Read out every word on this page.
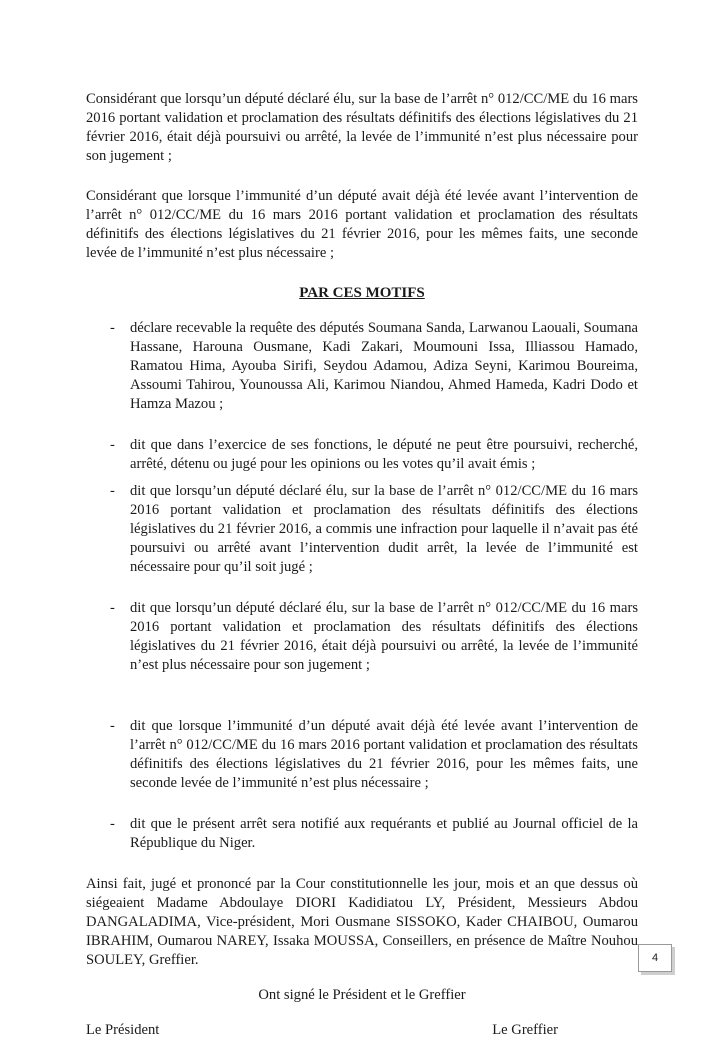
Considérant que lorsqu’un député déclaré élu, sur la base de l’arrêt n° 012/CC/ME du 16 mars 2016 portant validation et proclamation des résultats définitifs des élections législatives du 21 février 2016, était déjà poursuivi ou arrêté, la levée de l’immunité n’est plus nécessaire pour son jugement ;

Considérant que lorsque l’immunité d’un député avait déjà été levée avant l’intervention de l’arrêt n° 012/CC/ME du 16 mars 2016 portant validation et proclamation des résultats définitifs des élections législatives du 21 février 2016, pour les mêmes faits, une seconde levée de l’immunité n’est plus nécessaire ;

PAR CES MOTIFS
- déclare recevable la requête des députés Soumana Sanda, Larwanou Laouali, Soumana Hassane, Harouna Ousmane, Kadi Zakari, Moumouni Issa, Illiassou Hamado, Ramatou Hima, Ayouba Sirifi, Seydou Adamou, Adiza Seyni, Karimou Boureima, Assoumi Tahirou, Younoussa Ali, Karimou Niandou, Ahmed Hameda, Kadri Dodo et Hamza Mazou ;
- dit que dans l’exercice de ses fonctions, le député ne peut être poursuivi, recherché, arrêté, détenu ou jugé pour les opinions ou les votes qu’il avait émis ;
- dit que lorsqu’un député déclaré élu, sur la base de l’arrêt n° 012/CC/ME du 16 mars 2016 portant validation et proclamation des résultats définitifs des élections législatives du 21 février 2016, a commis une infraction pour laquelle il n’avait pas été poursuivi ou arrêté avant l’intervention dudit arrêt, la levée de l’immunité est nécessaire pour qu’il soit jugé ;
- dit que lorsqu’un député déclaré élu, sur la base de l’arrêt n° 012/CC/ME du 16 mars 2016 portant validation et proclamation des résultats définitifs des élections législatives du 21 février 2016, était déjà poursuivi ou arrêté, la levée de l’immunité n’est plus nécessaire pour son jugement ;
- dit que lorsque l’immunité d’un député avait déjà été levée avant l’intervention de l’arrêt n° 012/CC/ME du 16 mars 2016 portant validation et proclamation des résultats définitifs des élections législatives du 21 février 2016, pour les mêmes faits, une seconde levée de l’immunité n’est plus nécessaire ;
- dit que le présent arrêt sera notifié aux requérants et publié au Journal officiel de la République du Niger.

Ainsi fait, jugé et prononcé par la Cour constitutionnelle les jour, mois et an que dessus où siégeaient Madame Abdoulaye DIORI Kadidiatou LY, Président, Messieurs Abdou DANGALADIMA, Vice-président, Mori Ousmane SISSOKO, Kader CHAIBOU, Oumarou IBRAHIM, Oumarou NAREY, Issaka MOUSSA, Conseillers, en présence de Maître Nouhou SOULEY, Greffier.

Ont signé le Président et le Greffier

Le Président	Le Greffier
4
